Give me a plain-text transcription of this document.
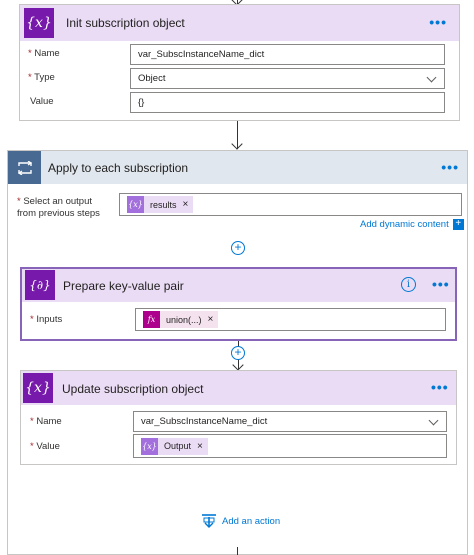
{x} Init subscription object	•••
* Name	var_SubscInstanceName_dict
* Type	Object
Value	{}
Apply to each subscription	•••
* Select an output
from previous steps
{x} results ×
Add dynamic content +
+
{∂}	Prepare key-value pair	i	•••
* Inputs	fx	union(...) ×
+
{x} Update subscription object	•••
* Name	var_SubscInstanceName_dict
* Value	{x} Output ×
Add an action
